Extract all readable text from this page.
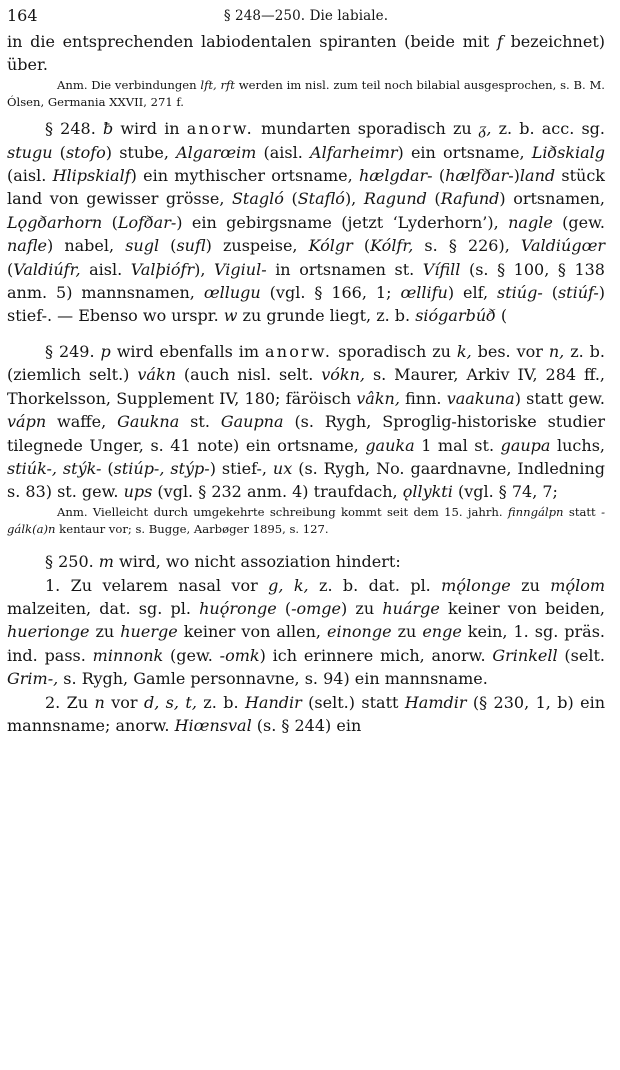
164	§ 248—250. Die labiale.

in die entsprechenden labiodentalen spiranten (beide mit f bezeichnet) über.

Anm. Die verbindungen lft, rft werden im nisl. zum teil noch bilabial ausgesprochen, s. B. M. Ólsen, Germania XXVII, 271 f.

§ 248. ƀ wird in anorw. mundarten sporadisch zu ᵹ, z. b. acc. sg. stugu (stofo) stube, Algarœim (aisl. Alfarheimr) ein ortsname, Liðskialg (aisl. Hlipskialf) ein mythischer ortsname, hælgdar- (hælfðar-)land stück land von gewisser grösse, Stagló (Stafló), Ragund (Rafund) ortsnamen, Lǫgðarhorn (Lofðar-) ein gebirgsname (jetzt ‘Lyderhorn’), nagle (gew. nafle) nabel, sugl (sufl) zuspeise, Kólgr (Kólfr, s. § 226), Valdiúgœr (Valdiúfr, aisl. Valþiófr), Vigiul- in ortsnamen st. Vífill (s. § 100, § 138 anm. 5) mannsnamen, œllugu (vgl. § 166, 1; œllifu) elf, stiúg- (stiúf-) stief-. — Ebenso wo urspr. w zu grunde liegt, z. b. siógarbúð (

§ 249. p wird ebenfalls im anorw. sporadisch zu k, bes. vor n, z. b. (ziemlich selt.) vákn (auch nisl. selt. vókn, s. Maurer, Arkiv IV, 284 ff., Thorkelsson, Supplement IV, 180; färöisch vâkn, finn. vaakuna) statt gew. vápn waffe, Gaukna st. Gaupna (s. Rygh, Sproglig-historiske studier tilegnede Unger, s. 41 note) ein ortsname, gauka 1 mal st. gaupa luchs, stiúk-, stýk- (stiúp-, stýp-) stief-, ux (s. Rygh, No. gaardnavne, Indledning s. 83) st. gew. ups (vgl. § 232 anm. 4) traufdach, ǫllykti (vgl. § 74, 7;

Anm. Vielleicht durch umgekehrte schreibung kommt seit dem 15. jahrh. finngálpn statt -gálk(a)n kentaur vor; s. Bugge, Aarbøger 1895, s. 127.

§ 250. m wird, wo nicht assoziation hindert:

1. Zu velarem nasal vor g, k, z. b. dat. pl. mǫ́longe zu mǫ́lom malzeiten, dat. sg. pl. huǫ́ronge (-omge) zu huárge keiner von beiden, huerionge zu huerge keiner von allen, einonge zu enge kein, 1. sg. präs. ind. pass. minnonk (gew. -omk) ich erinnere mich, anorw. Grinkell (selt. Grim-, s. Rygh, Gamle personnavne, s. 94) ein mannsname.

2. Zu n vor d, s, t, z. b. Handir (selt.) statt Hamdir (§ 230, 1, b) ein mannsname; anorw. Hiœnsval (s. § 244) ein
